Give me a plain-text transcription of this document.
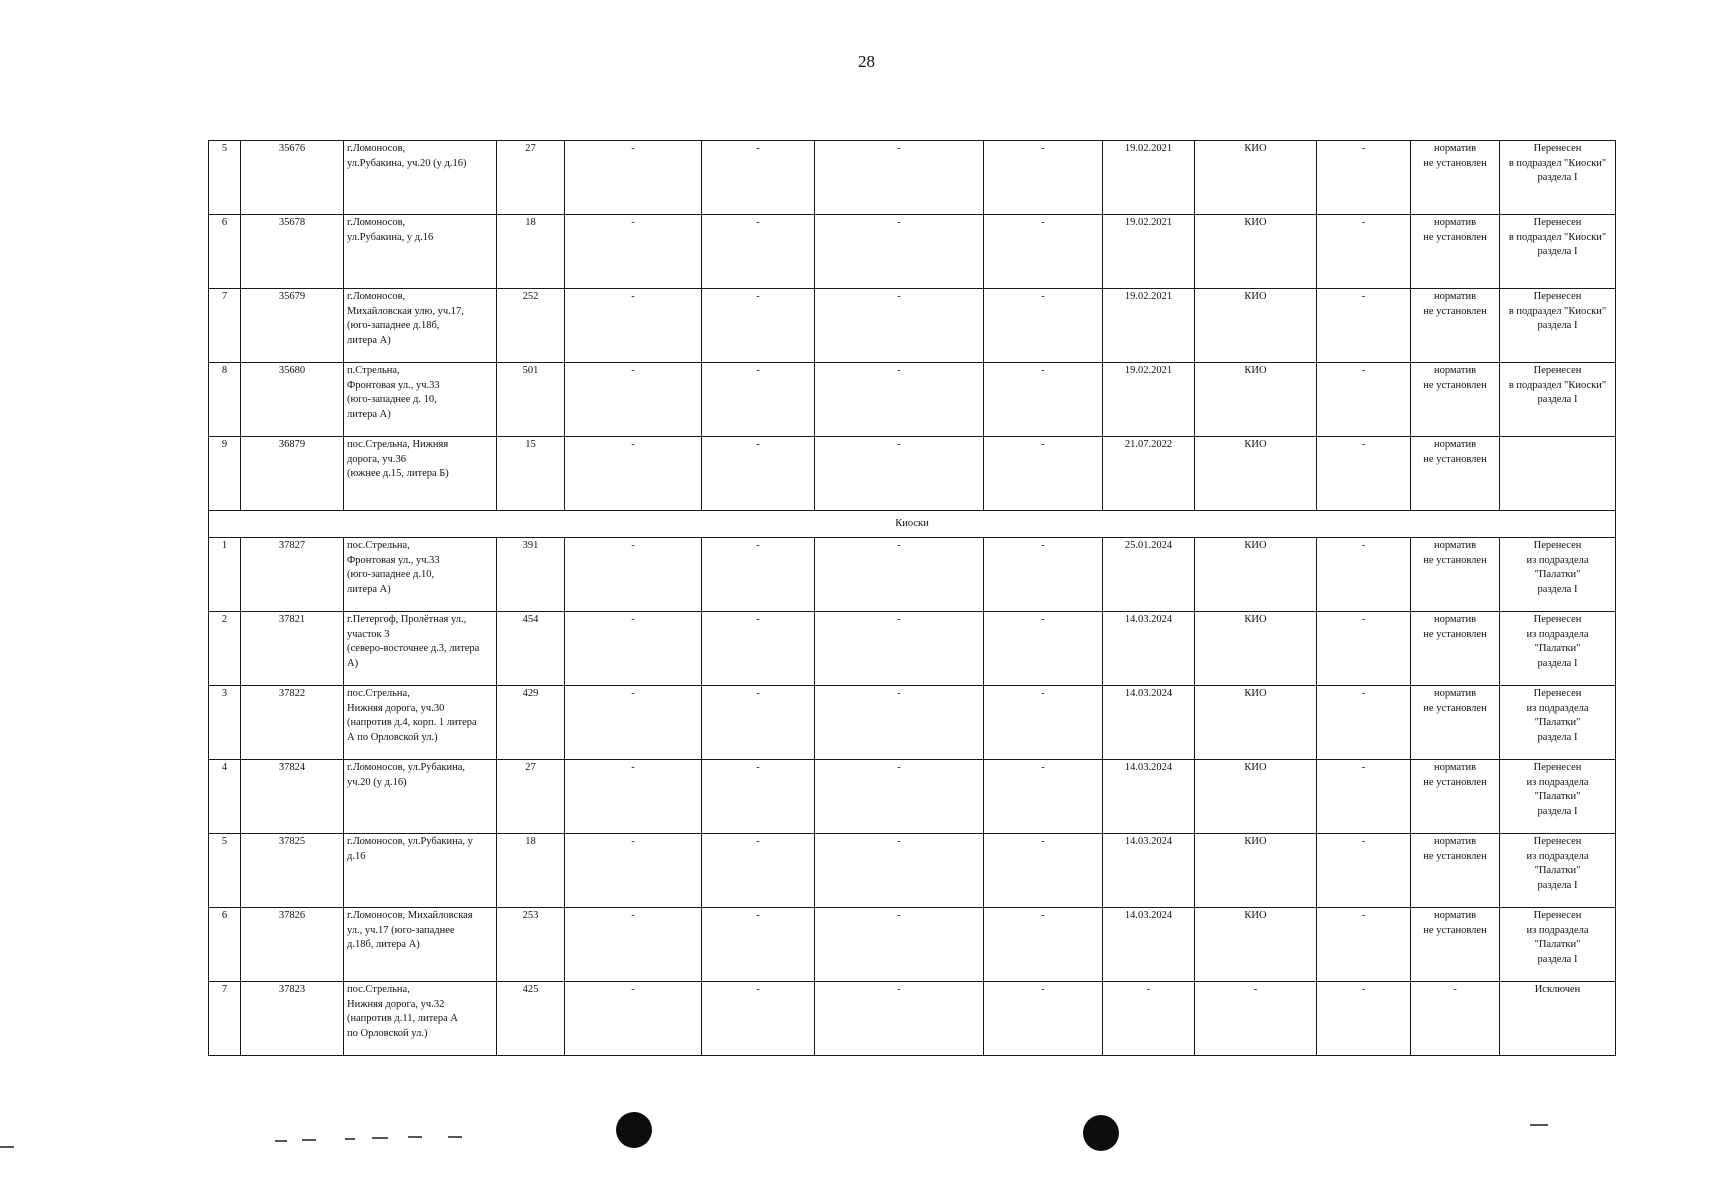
28
5	35676	г.Ломоносов,
ул.Рубакина, уч.20 (у д.16)	27	-	-	-	-	19.02.2021	КИО	-	норматив
не установлен	Перенесен
в подраздел "Киоски"
раздела I
6	35678	г.Ломоносов,
ул.Рубакина, у д.16	18	-	-	-	-	19.02.2021	КИО	-	норматив
не установлен	Перенесен
в подраздел "Киоски"
раздела I
7	35679	г.Ломоносов,
Михайловская улю, уч.17,
(юго-западнее д.18б,
литера А)	252	-	-	-	-	19.02.2021	КИО	-	норматив
не установлен	Перенесен
в подраздел "Киоски"
раздела I
8	35680	п.Стрельна,
Фронтовая ул., уч.33
(юго-западнее д. 10,
литера А)	501	-	-	-	-	19.02.2021	КИО	-	норматив
не установлен	Перенесен
в подраздел "Киоски"
раздела I
9	36879	пос.Стрельна, Нижняя
дорога, уч.36
(южнее д.15, литера Б)	15	-	-	-	-	21.07.2022	КИО	-	норматив
не установлен	
Киоски												
1	37827	пос.Стрельна,
Фронтовая ул., уч.33
(юго-западнее д.10,
литера А)	391	-	-	-	-	25.01.2024	КИО	-	норматив
не установлен	Перенесен
из подраздела
"Палатки"
раздела I
2	37821	г.Петергоф, Пролётная ул.,
участок 3
(северо-восточнее д.3, литера
А)	454	-	-	-	-	14.03.2024	КИО	-	норматив
не установлен	Перенесен
из подраздела
"Палатки"
раздела I
3	37822	пос.Стрельна,
Нижняя дорога, уч.30
(напротив д.4, корп. 1 литера
А по Орловской ул.)	429	-	-	-	-	14.03.2024	КИО	-	норматив
не установлен	Перенесен
из подраздела
"Палатки"
раздела I
4	37824	г.Ломоносов, ул.Рубакина,
уч.20 (у д.16)	27	-	-	-	-	14.03.2024	КИО	-	норматив
не установлен	Перенесен
из подраздела
"Палатки"
раздела I
5	37825	г.Ломоносов, ул.Рубакина, у
д.16	18	-	-	-	-	14.03.2024	КИО	-	норматив
не установлен	Перенесен
из подраздела
"Палатки"
раздела I
6	37826	г.Ломоносов, Михайловская
ул., уч.17 (юго-западнее
д.18б, литера А)	253	-	-	-	-	14.03.2024	КИО	-	норматив
не установлен	Перенесен
из подраздела
"Палатки"
раздела I
7	37823	пос.Стрельна,
Нижняя дорога, уч.32
(напротив д.11, литера А
по Орловской ул.)	425	-	-	-	-	-	-	-	-	Исключен
